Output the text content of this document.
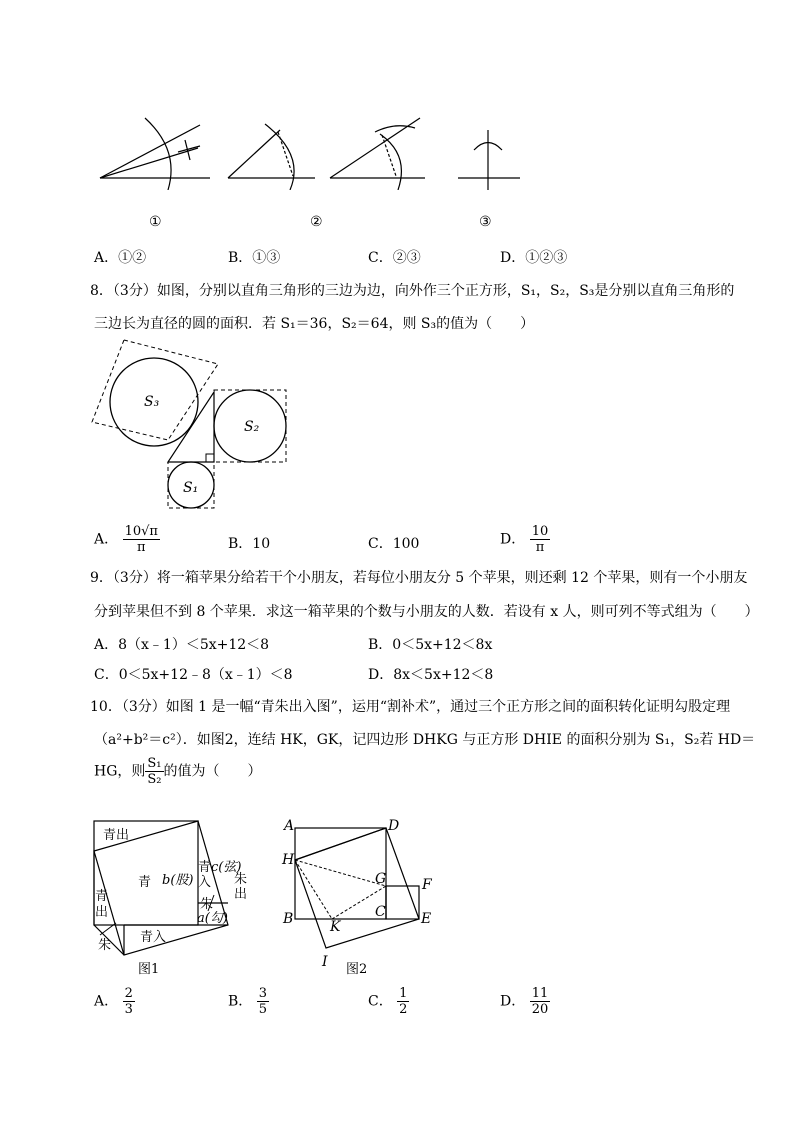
①	②	③
A．①②	B．①③	C．②③	D．①②③
8．（3分）如图，分别以直角三角形的三边为边，向外作三个正方形，S₁，S₂，S₃是分别以直角三角形的
三边长为直径的圆的面积．若 S₁＝36，S₂＝64，则 S₃的值为（　　）
S₃
S₂
S₁
A． $\frac{10√\pi}{\pi}$	B．10	C．100	D． $\frac{10}{\pi}$
9．（3分）将一箱苹果分给若干个小朋友，若每位小朋友分 5 个苹果，则还剩 12 个苹果，则有一个小朋友
分到苹果但不到 8 个苹果．求这一箱苹果的个数与小朋友的人数．若设有 x 人，则可列不等式组为（　　）
A．8（x﹣1）＜5x+12＜8	B．0＜5x+12＜8x
C．0＜5x+12﹣8（x﹣1）＜8	D．8x＜5x+12＜8
10．（3分）如图 1 是一幅“青朱出入图”，运用“割补术”，通过三个正方形之间的面积转化证明勾股定理
（a²+b²＝c²）．如图2，连结 HK，GK，记四边形 DHKG 与正方形 DHIE 的面积分别为 S₁，S₂若 HD＝
HG，则 $\frac{\text{S₁}}{\text{S₂}}$ 的值为（　　）
青出
青 b(股)
c(弦)
青入 朱出
朱
a(勾)
青出
朱
青入
图1
A	D
H
G	F
B	C	E
K
I 图2
A． $\frac{2}{3}$	B． $\frac{3}{5}$	C． $\frac{1}{2}$	D． $\frac{11}{20}$
